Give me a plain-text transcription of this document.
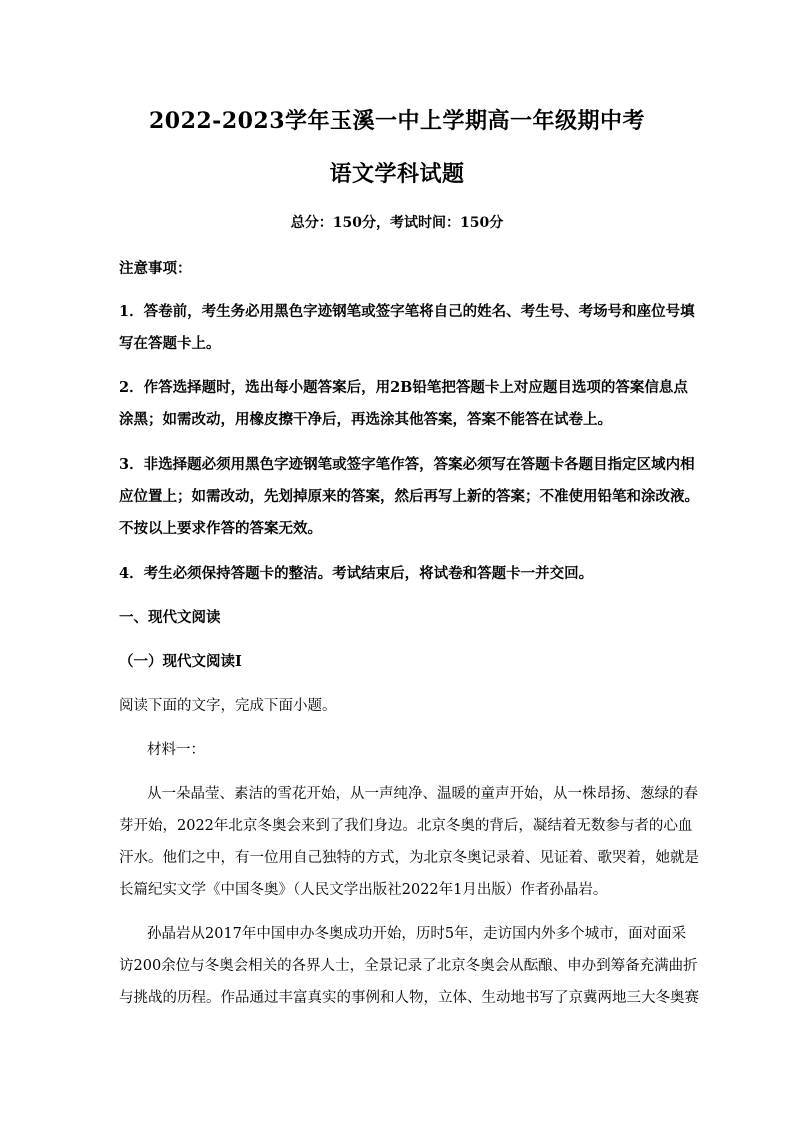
2022-2023学年玉溪一中上学期高一年级期中考
语文学科试题
总分：150分，考试时间：150分
注意事项：
1．答卷前，考生务必用黑色字迹钢笔或签字笔将自己的姓名、考生号、考场号和座位号填
写在答题卡上。
2．作答选择题时，选出每小题答案后，用2B铅笔把答题卡上对应题目选项的答案信息点
涂黑；如需改动，用橡皮擦干净后，再选涂其他答案，答案不能答在试卷上。
3．非选择题必须用黑色字迹钢笔或签字笔作答，答案必须写在答题卡各题目指定区域内相
应位置上；如需改动，先划掉原来的答案，然后再写上新的答案；不准使用铅笔和涂改液。
不按以上要求作答的答案无效。
4．考生必须保持答题卡的整洁。考试结束后，将试卷和答题卡一并交回。
一、现代文阅读
（一）现代文阅读Ⅰ
阅读下面的文字，完成下面小题。
材料一：
从一朵晶莹、素洁的雪花开始，从一声纯净、温暖的童声开始，从一株昂扬、葱绿的春
芽开始，2022年北京冬奥会来到了我们身边。北京冬奥的背后，凝结着无数参与者的心血
汗水。他们之中，有一位用自己独特的方式，为北京冬奥记录着、见证着、歌哭着，她就是
长篇纪实文学《中国冬奥》（人民文学出版社2022年1月出版）作者孙晶岩。
孙晶岩从2017年中国申办冬奥成功开始，历时5年，走访国内外多个城市，面对面采
访200余位与冬奥会相关的各界人士，全景记录了北京冬奥会从酝酿、申办到筹备充满曲折
与挑战的历程。作品通过丰富真实的事例和人物，立体、生动地书写了京冀两地三大冬奥赛
